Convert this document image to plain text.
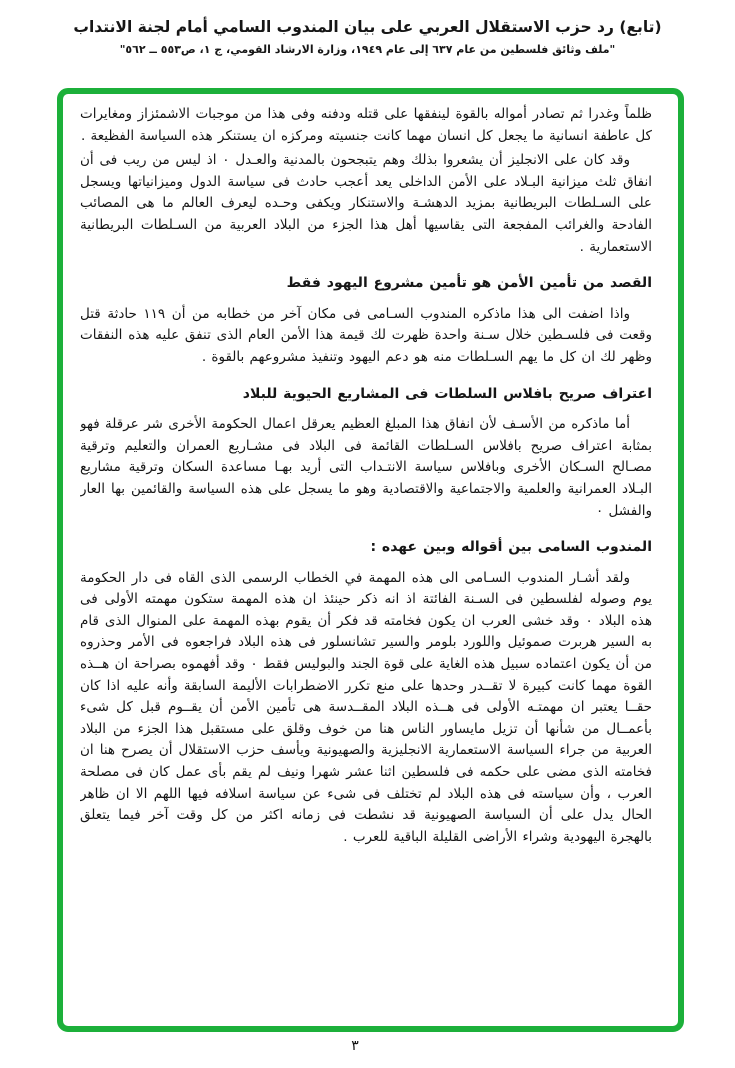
(تابع) رد حزب الاستقلال العربي على بيان المندوب السامي أمام لجنة الانتداب
"ملف وثائق فلسطين من عام ٦٣٧ إلى عام ١٩٤٩، وزارة الارشاد القومي، ج ١، ص٥٥٣ ــ ٥٦٢"

ظلماً وغدرا ثم تصادر أمواله بالقوة لينفقها على قتله ودفنه وفى هذا من موجبات الاشمئزاز ومغايرات كل عاطفة انسانية ما يجعل كل انسان مهما كانت جنسيته ومركزه ان يستنكر هذه السياسة الفظيعة .

وقد كان على الانجليز أن يشعروا بذلك وهم يتبجحون بالمدنية والعـدل ٠ اذ ليس من ريب فى أن انفاق ثلث ميزانية البـلاد على الأمن الداخلى يعد أعجب حادث فى سياسة الدول وميزانياتها ويسجل على السـلطات البريطانية بمزيد الدهشـة والاستنكار ويكفى وحـده ليعرف العالم ما هى المصائب الفادحة والغرائب المفجعة التى يقاسيها أهل هذا الجزء من البلاد العربية من السـلطات البريطانية الاستعمارية .

القصد من تأمين الأمن هو تأمين مشروع اليهود فقط

واذا اضفت الى هذا ماذكره المندوب السـامى فى مكان آخر من خطابه من أن ١١٩ حادثة قتل وقعت فى فلسـطين خلال سـنة واحدة ظهرت لك قيمة هذا الأمن العام الذى تنفق عليه هذه النفقات وظهر لك ان كل ما يهم السـلطات منه هو دعم اليهود وتنفيذ مشروعهم بالقوة .

اعتراف صريح بافلاس السلطات فى المشاريع الحيوية للبلاد

أما ماذكره من الأسـف لأن انفاق هذا المبلغ العظيم يعرقل اعمال الحكومة الأخرى شر عرقلة فهو بمثابة اعتراف صريح بافلاس السـلطات القائمة فى البلاد فى مشـاريع العمران والتعليم وترقية مصـالح السـكان الأخرى وبافلاس سياسة الانتـداب التى أريد بهـا مساعدة السكان وترقية مشاريع البـلاد العمرانية والعلمية والاجتماعية والاقتصادية وهو ما يسجل على هذه السياسة والقائمين بها العار والفشل ٠

المندوب السامى بين أقواله وبين عهده :

ولقد أشـار المندوب السـامى الى هذه المهمة في الخطاب الرسمى الذى القاه فى دار الحكومة يوم وصوله لفلسطين فى السـنة الفائتة اذ انه ذكر حينئذ ان هذه المهمة ستكون مهمته الأولى فى هذه البلاد ٠ وقد خشى العرب ان يكون فخامته قد فكر أن يقوم بهذه المهمة على المنوال الذى قام به السير هربرت صموئيل واللورد بلومر والسير تشانسلور فى هذه البلاد فراجعوه فى الأمر وحذروه من أن يكون اعتماده سبيل هذه الغاية على قوة الجند والبوليس فقط ٠ وقد أفهموه بصراحة ان هــذه القوة مهما كانت كبيرة لا تقــدر وحدها على منع تكرر الاضطرابات الأليمة السابقة وأنه عليه اذا كان حقــا يعتبر ان مهمتـه الأولى فى هــذه البلاد المقــدسة هى تأمين الأمن أن يقــوم قبل كل شىء بأعمــال من شأنها أن تزيل مايساور الناس هنا من خوف وقلق على مستقبل هذا الجزء من البلاد العربية من جراء السياسة الاستعمارية الانجليزية والصهيونية ويأسف حزب الاستقلال أن يصرح هنا ان فخامته الذى مضى على حكمه فى فلسطين اثنا عشر شهرا ونيف لم يقم بأى عمل كان فى مصلحة العرب ، وأن سياسته فى هذه البلاد لم تختلف فى شىء عن سياسة اسلافه فيها اللهم الا ان ظاهر الحال يدل على أن السياسة الصهيونية قد نشطت فى زمانه اكثر من كل وقت آخر فيما يتعلق بالهجرة اليهودية وشراء الأراضى القليلة الباقية للعرب .

٣
